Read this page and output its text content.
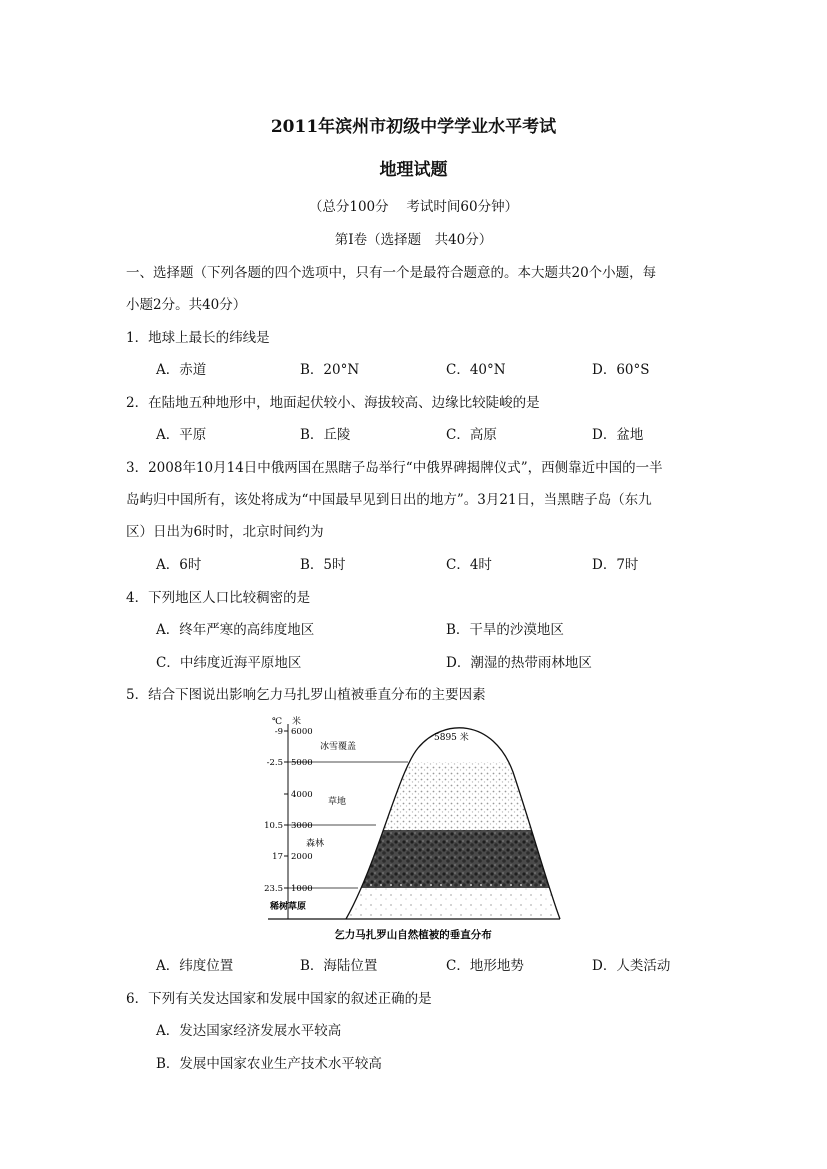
2011年滨州市初级中学学业水平考试
地理试题
（总分100分　 考试时间60分钟）
第Ⅰ卷（选择题　共40分）
一、选择题（下列各题的四个选项中，只有一个是最符合题意的。本大题共20个小题，每
小题2分。共40分）
1．地球上最长的纬线是
A．赤道	B．20°N	C．40°N	D．60°S
2．在陆地五种地形中，地面起伏较小、海拔较高、边缘比较陡峻的是
A．平原	B．丘陵	C．高原	D．盆地
3．2008年10月14日中俄两国在黑瞎子岛举行“中俄界碑揭牌仪式”，西侧靠近中国的一半
岛屿归中国所有，该处将成为“中国最早见到日出的地方”。3月21日，当黑瞎子岛（东九
区）日出为6时时，北京时间约为
A．6时	B．5时	C．4时	D．7时
4．下列地区人口比较稠密的是
A．终年严寒的高纬度地区	B．干旱的沙漠地区
C．中纬度近海平原地区	D．潮湿的热带雨林地区
5．结合下图说出影响乞力马扎罗山植被垂直分布的主要因素
℃ 米
6000
5000
4000
3000
2000
1000
-9
-2.5
10.5
17
23.5
5895 米
冰雪覆盖
草地
森林
稀树草原
乞力马扎罗山自然植被的垂直分布
A．纬度位置	B．海陆位置	C．地形地势	D．人类活动
6．下列有关发达国家和发展中国家的叙述正确的是
A．发达国家经济发展水平较高
B．发展中国家农业生产技术水平较高
